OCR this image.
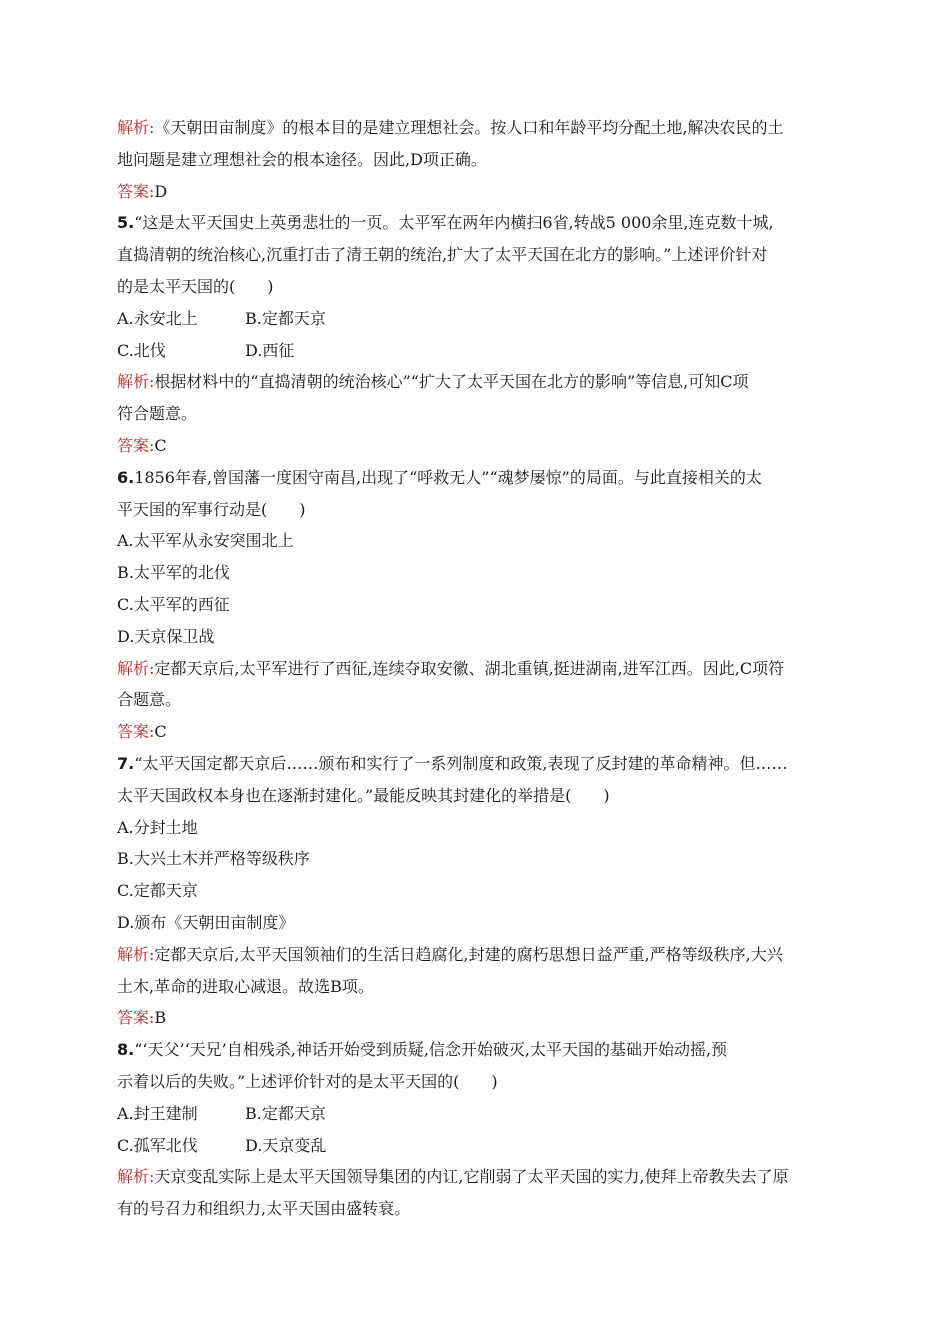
解析:《天朝田亩制度》的根本目的是建立理想社会。按人口和年龄平均分配土地,解决农民的土
地问题是建立理想社会的根本途径。因此,D项正确。
答案:D
5.“这是太平天国史上英勇悲壮的一页。太平军在两年内横扫6省,转战5 000余里,连克数十城,
直捣清朝的统治核心,沉重打击了清王朝的统治,扩大了太平天国在北方的影响。”上述评价针对
的是太平天国的(　　)
A.永安北上	B.定都天京
C.北伐	D.西征
解析:根据材料中的“直捣清朝的统治核心”“扩大了太平天国在北方的影响”等信息,可知C项
符合题意。
答案:C
6.1856年春,曾国藩一度困守南昌,出现了“呼救无人”“魂梦屡惊”的局面。与此直接相关的太
平天国的军事行动是(　　)
A.太平军从永安突围北上
B.太平军的北伐
C.太平军的西征
D.天京保卫战
解析:定都天京后,太平军进行了西征,连续夺取安徽、湖北重镇,挺进湖南,进军江西。因此,C项符
合题意。
答案:C
7.“太平天国定都天京后……颁布和实行了一系列制度和政策,表现了反封建的革命精神。但……
太平天国政权本身也在逐渐封建化。”最能反映其封建化的举措是(　　)
A.分封土地
B.大兴土木并严格等级秩序
C.定都天京
D.颁布《天朝田亩制度》
解析:定都天京后,太平天国领袖们的生活日趋腐化,封建的腐朽思想日益严重,严格等级秩序,大兴
土木,革命的进取心减退。故选B项。
答案:B
8.“‘天父’‘天兄’自相残杀,神话开始受到质疑,信念开始破灭,太平天国的基础开始动摇,预
示着以后的失败。”上述评价针对的是太平天国的(　　)
A.封王建制	B.定都天京
C.孤军北伐	D.天京变乱
解析:天京变乱实际上是太平天国领导集团的内讧,它削弱了太平天国的实力,使拜上帝教失去了原
有的号召力和组织力,太平天国由盛转衰。
